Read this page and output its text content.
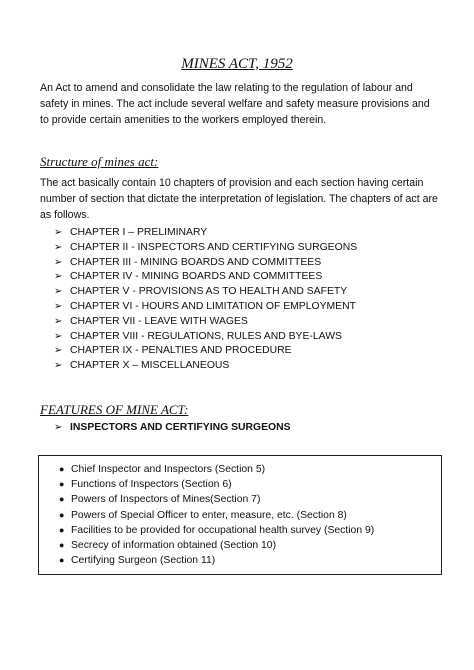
MINES ACT, 1952

An Act to amend and consolidate the law relating to the regulation of labour and safety in mines. The act include several welfare and safety measure provisions and to provide certain amenities to the workers employed therein.

Structure of mines act:

The act basically contain 10 chapters of provision and each section having certain number of section that dictate the interpretation of legislation. The chapters of act are as follows.

➢ CHAPTER I – PRELIMINARY
➢ CHAPTER II - INSPECTORS AND CERTIFYING SURGEONS
➢ CHAPTER III - MINING BOARDS AND COMMITTEES
➢ CHAPTER IV - MINING BOARDS AND COMMITTEES
➢ CHAPTER V - PROVISIONS AS TO HEALTH AND SAFETY
➢ CHAPTER VI - HOURS AND LIMITATION OF EMPLOYMENT
➢ CHAPTER VII - LEAVE WITH WAGES
➢ CHAPTER VIII - REGULATIONS, RULES AND BYE-LAWS
➢ CHAPTER IX - PENALTIES AND PROCEDURE
➢ CHAPTER X – MISCELLANEOUS
FEATURES OF MINE ACT:
➢ INSPECTORS AND CERTIFYING SURGEONS
● Chief Inspector and Inspectors (Section 5)
● Functions of Inspectors (Section 6)
● Powers of Inspectors of Mines(Section 7)
● Powers of Special Officer to enter, measure, etc. (Section 8)
● Facilities to be provided for occupational health survey (Section 9)
● Secrecy of information obtained (Section 10)
● Certifying Surgeon (Section 11)
